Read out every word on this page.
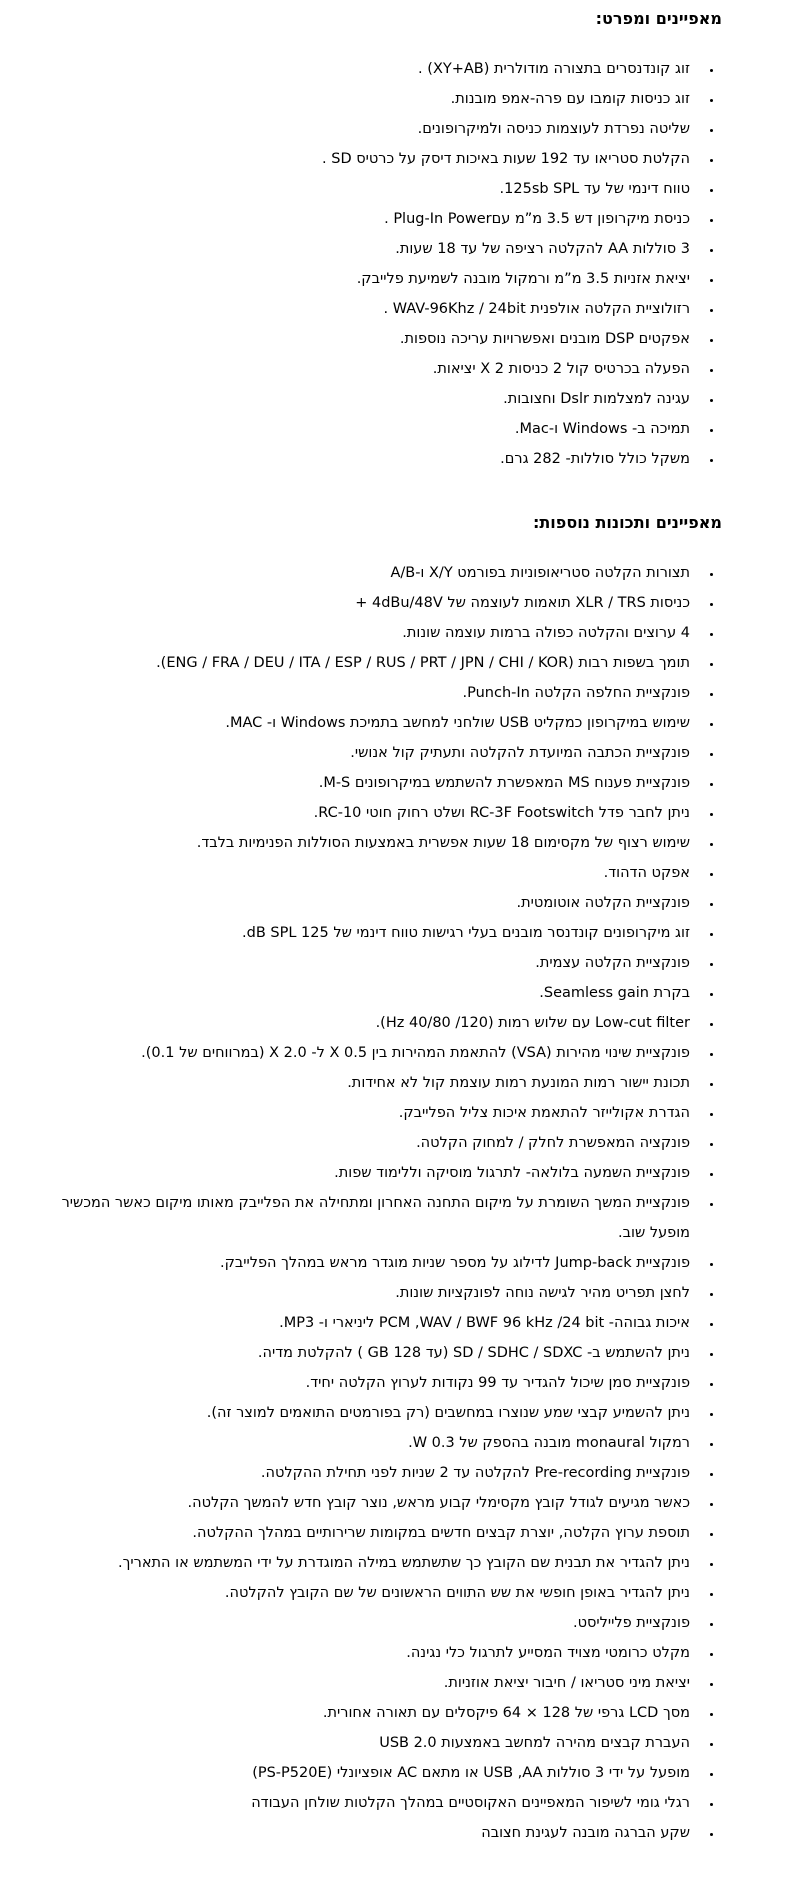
מאפיינים ומפרט:
• זוג קונדנסרים בתצורה מודולרית (XY+AB) .
• זוג כניסות קומבו עם פרה-אמפ מובנות.
• שליטה נפרדת לעוצמות כניסה ולמיקרופונים.
• הקלטת סטריאו עד 192 שעות באיכות דיסק על כרטיס SD .
• טווח דינמי של עד 125sb SPL.
• כניסת מיקרופון דש 3.5 מ”מ עםPlug-In Power .
• 3 סוללות AA להקלטה רציפה של עד 18 שעות.
• יציאת אזניות 3.5 מ”מ ורמקול מובנה לשמיעת פלייבק.
• רזולוציית הקלטה אולפנית WAV-96Khz / 24bit .
• אפקטים DSP מובנים ואפשרויות עריכה נוספות.
• הפעלה בכרטיס קול 2 כניסות X 2 יציאות.
• עגינה למצלמות Dslr וחצובות.
• תמיכה ב- Windows ו-Mac.
• משקל כולל סוללות- 282 גרם.
מאפיינים ותכונות נוספות:
• תצורות הקלטה סטריאופוניות בפורמט X/Y ו-A/B
• כניסות XLR / TRS תואמות לעוצמה של 4dBu/48V +
• 4 ערוצים והקלטה כפולה ברמות עוצמה שונות.
• תומך בשפות רבות (ENG / FRA / DEU / ITA / ESP / RUS / PRT / JPN / CHI / KOR).
• פונקציית החלפה הקלטה Punch-In.
• שימוש במיקרופון כמקליט USB שולחני למחשב בתמיכת Windows ו- MAC.
• פונקציית הכתבה המיועדת להקלטה ותעתיק קול אנושי.
• פונקציית פענוח MS המאפשרת להשתמש במיקרופונים M-S.
• ניתן לחבר פדל RC-3F Footswitch ושלט רחוק חוטי RC-10.
• שימוש רצוף של מקסימום 18 שעות אפשרית באמצעות הסוללות הפנימיות בלבד.
• אפקט הדהוד.
• פונקציית הקלטה אוטומטית.
• זוג מיקרופונים קונדנסר מובנים בעלי רגישות טווח דינמי של 125 dB SPL.
• פונקציית הקלטה עצמית.
• בקרת Seamless gain.
• Low-cut filter עם שלוש רמות (120/ 40/80 Hz).
• פונקציית שינוי מהירות (VSA) להתאמת המהירות בין X 0.5 ל- X 2.0 (במרווחים של 0.1).
• תכונת יישור רמות המונעת רמות עוצמת קול לא אחידות.
• הגדרת אקולייזר להתאמת איכות צליל הפלייבק.
• פונקציה המאפשרת לחלק / למחוק הקלטה.
• פונקציית השמעה בלולאה- לתרגול מוסיקה וללימוד שפות.
• פונקציית המשך השומרת על מיקום התחנה האחרון ומתחילה את הפלייבק מאותו מיקום כאשר המכשיר מופעל שוב.
• פונקציית Jump-back לדילוג על מספר שניות מוגדר מראש במהלך הפלייבק.
• לחצן תפריט מהיר לגישה נוחה לפונקציות שונות.
• איכות גבוהה- PCM ,WAV / BWF 96 kHz /24 bit ליניארי ו- MP3.
• ניתן להשתמש ב- SD / SDHC / SDXC (עד 128 GB ) להקלטת מדיה.
• פונקציית סמן שיכול להגדיר עד 99 נקודות לערוץ הקלטה יחיד.
• ניתן להשמיע קבצי שמע שנוצרו במחשבים (רק בפורמטים התואמים למוצר זה).
• רמקול monaural מובנה בהספק של 0.3 W.
• פונקציית Pre-recording להקלטה עד 2 שניות לפני תחילת ההקלטה.
• כאשר מגיעים לגודל קובץ מקסימלי קבוע מראש, נוצר קובץ חדש להמשך הקלטה.
• תוספת ערוץ הקלטה, יוצרת קבצים חדשים במקומות שרירותיים במהלך ההקלטה.
• ניתן להגדיר את תבנית שם הקובץ כך שתשתמש במילה המוגדרת על ידי המשתמש או התאריך.
• ניתן להגדיר באופן חופשי את שש התווים הראשונים של שם הקובץ להקלטה.
• פונקציית פלייליסט.
• מקלט כרומטי מצויד המסייע לתרגול כלי נגינה.
• יציאת מיני סטריאו / חיבור יציאת אוזניות.
• מסך LCD גרפי של 128 × 64 פיקסלים עם תאורה אחורית.
• העברת קבצים מהירה למחשב באמצעות USB 2.0
• מופעל על ידי 3 סוללות USB ,AA או מתאם AC אופציונלי (PS-P520E)
• רגלי גומי לשיפור המאפיינים האקוסטיים במהלך הקלטות שולחן העבודה
• שקע הברגה מובנה לעגינת חצובה
